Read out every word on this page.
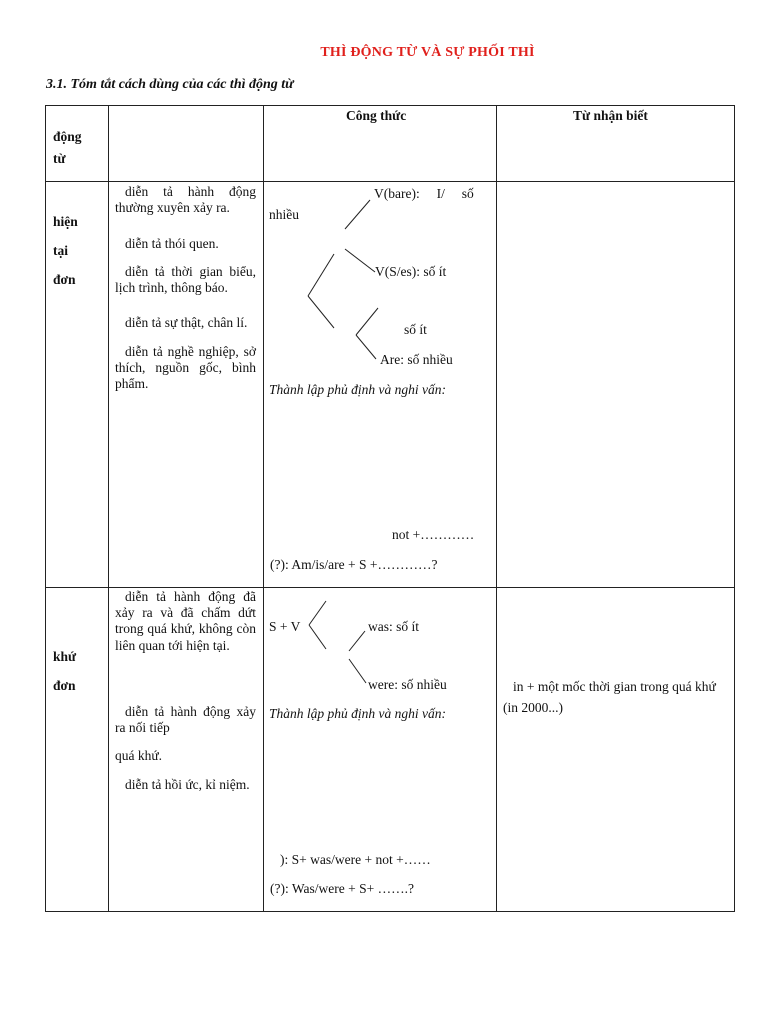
THÌ ĐỘNG TỪ VÀ SỰ PHỐI THÌ
3.1. Tóm tắt cách dùng của các thì động từ
động
từ
Công thức	Từ nhận biết
hiện
tại
đơn
diễn tả hành động thường xuyên xảy ra.
diễn tả thói quen.
diễn tả thời gian biểu, lịch trình, thông báo.
diễn tả sự thật, chân lí.
diễn tả nghề nghiệp, sở thích, nguồn gốc, bình phẩm.
V(bare):     I/     số
nhiều
V(S/es): số ít
số ít
Are: số nhiều
Thành lập phủ định và nghi vấn:
not +…………
(?): Am/is/are + S +…………?
khứ
đơn
diễn tả hành động đã xảy ra và đã chấm dứt trong quá khứ, không còn liên quan tới hiện tại.
diễn tả hành động xảy ra nối tiếp
quá khứ.
diễn tả hồi ức, kỉ niệm.
S + V	was: số ít
were: số nhiều
Thành lập phủ định và nghi vấn:
): S+ was/were + not +……
(?): Was/were + S+ …….?
in + một mốc thời gian trong quá khứ (in 2000...)
